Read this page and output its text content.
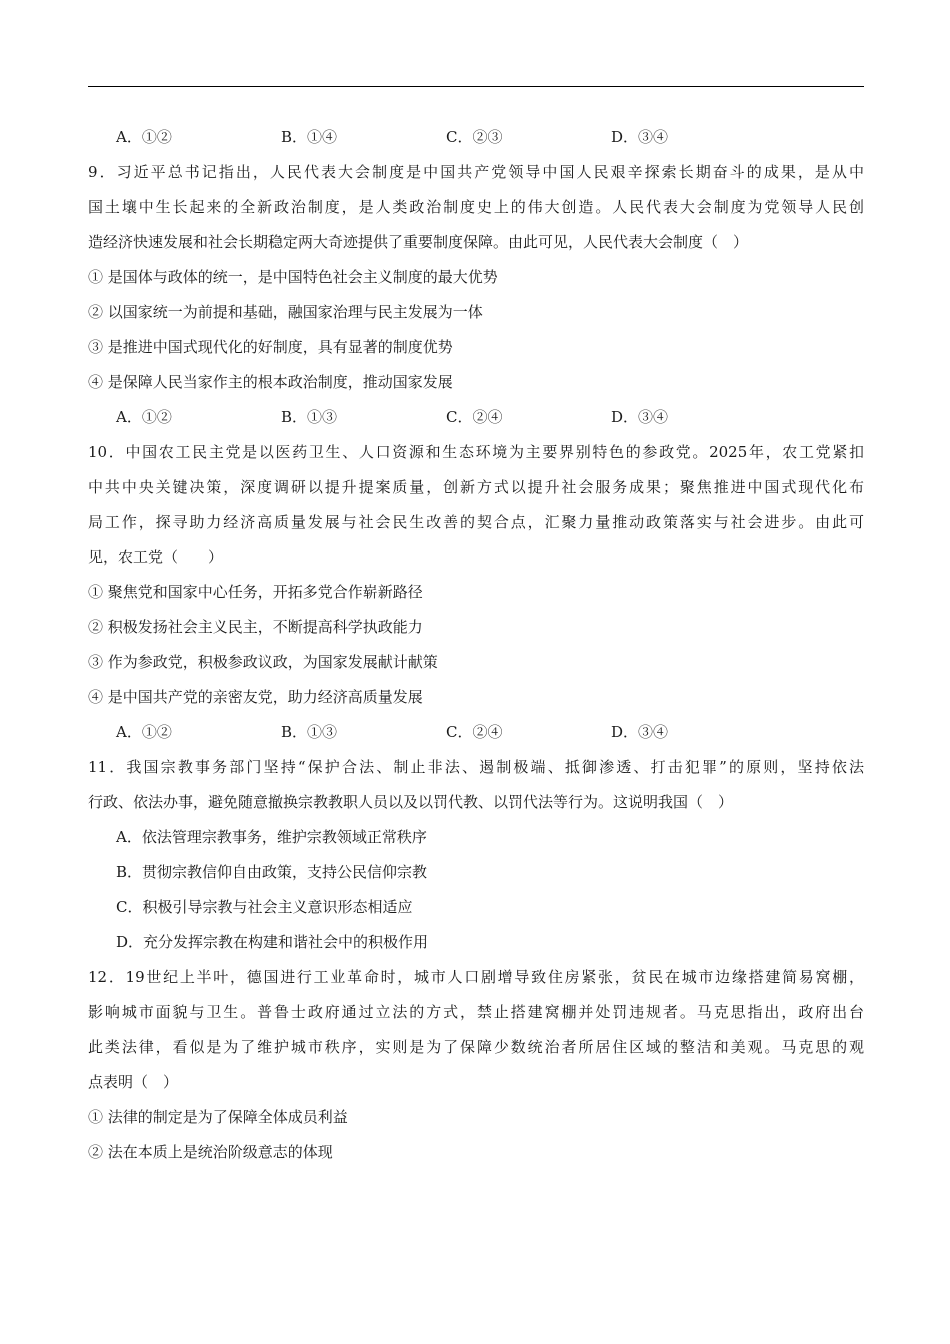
A．①②	B．①④	C．②③	D．③④
9．习近平总书记指出，人民代表大会制度是中国共产党领导中国人民艰辛探索长期奋斗的成果，是从中
国土壤中生长起来的全新政治制度，是人类政治制度史上的伟大创造。人民代表大会制度为党领导人民创
造经济快速发展和社会长期稳定两大奇迹提供了重要制度保障。由此可见，人民代表大会制度（　）
① 是国体与政体的统一，是中国特色社会主义制度的最大优势
② 以国家统一为前提和基础，融国家治理与民主发展为一体
③ 是推进中国式现代化的好制度，具有显著的制度优势
④ 是保障人民当家作主的根本政治制度，推动国家发展
A．①②	B．①③	C．②④	D．③④
10．中国农工民主党是以医药卫生、人口资源和生态环境为主要界别特色的参政党。2025年，农工党紧扣
中共中央关键决策，深度调研以提升提案质量，创新方式以提升社会服务成果；聚焦推进中国式现代化布
局工作，探寻助力经济高质量发展与社会民生改善的契合点，汇聚力量推动政策落实与社会进步。由此可
见，农工党（　　）
① 聚焦党和国家中心任务，开拓多党合作崭新路径
② 积极发扬社会主义民主，不断提高科学执政能力
③ 作为参政党，积极参政议政，为国家发展献计献策
④ 是中国共产党的亲密友党，助力经济高质量发展
A．①②	B．①③	C．②④	D．③④
11．我国宗教事务部门坚持“保护合法、制止非法、遏制极端、抵御渗透、打击犯罪”的原则，坚持依法
行政、依法办事，避免随意撤换宗教教职人员以及以罚代教、以罚代法等行为。这说明我国（　）
A．依法管理宗教事务，维护宗教领域正常秩序
B．贯彻宗教信仰自由政策，支持公民信仰宗教
C．积极引导宗教与社会主义意识形态相适应
D．充分发挥宗教在构建和谐社会中的积极作用
12．19世纪上半叶，德国进行工业革命时，城市人口剧增导致住房紧张，贫民在城市边缘搭建简易窝棚，
影响城市面貌与卫生。普鲁士政府通过立法的方式，禁止搭建窝棚并处罚违规者。马克思指出，政府出台
此类法律，看似是为了维护城市秩序，实则是为了保障少数统治者所居住区域的整洁和美观。马克思的观
点表明（　）
① 法律的制定是为了保障全体成员利益
② 法在本质上是统治阶级意志的体现
